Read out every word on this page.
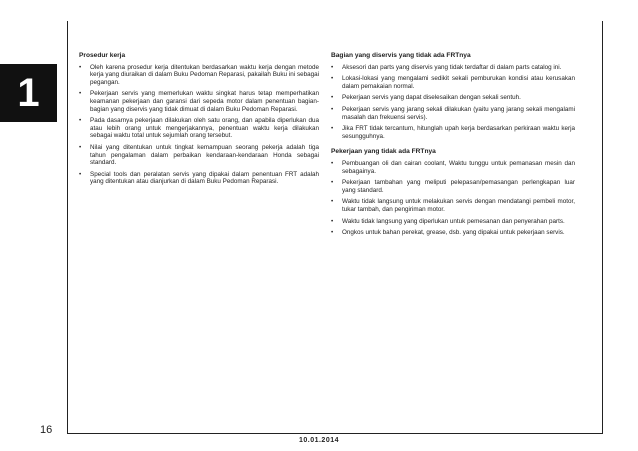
1
Prosedur kerja
• Oleh karena prosedur kerja ditentukan berdasarkan waktu kerja dengan metode kerja yang diuraikan di dalam Buku Pedoman Reparasi, pakailah Buku ini sebagai pegangan.
• Pekerjaan servis yang memerlukan waktu singkat harus tetap memperhatikan keamanan pekerjaan dan garansi dari sepeda motor dalam penentuan bagian-bagian yang diservis yang tidak dimuat di dalam Buku Pedoman Reparasi.
• Pada dasarnya pekerjaan dilakukan oleh satu orang, dan apabila diperlukan dua atau lebih orang untuk mengerjakannya, penentuan waktu kerja dilakukan sebagai waktu total untuk sejumlah orang tersebut.
• Nilai yang ditentukan untuk tingkat kemampuan seorang pekerja adalah tiga tahun pengalaman dalam perbaikan kendaraan-kendaraan Honda sebagai standard.
• Special tools dan peralatan servis yang dipakai dalam penentuan FRT adalah yang ditentukan atau dianjurkan di dalam Buku Pedoman Reparasi.
Bagian yang diservis yang tidak ada FRTnya
• Aksesori dan parts yang diservis yang tidak terdaftar di dalam parts catalog ini.
• Lokasi-lokasi yang mengalami sedikit sekali pemburukan kondisi atau kerusakan dalam pemakaian normal.
• Pekerjaan servis yang dapat diselesaikan dengan sekali sentuh.
• Pekerjaan servis yang jarang sekali dilakukan (yaitu yang jarang sekali mengalami masalah dan frekuensi servis).
• Jika FRT tidak tercantum, hitunglah upah kerja berdasarkan perkiraan waktu kerja sesungguhnya.
Pekerjaan yang tidak ada FRTnya
• Pembuangan oli dan cairan coolant, Waktu tunggu untuk pemanasan mesin dan sebagainya.
• Pekerjaan tambahan yang meliputi pelepasan/pemasangan perlengkapan luar yang standard.
• Waktu tidak langsung untuk melakukan servis dengan mendatangi pembeli motor, tukar tambah, dan pengiriman motor.
• Waktu tidak langsung yang diperlukan untuk pemesanan dan penyerahan parts.
• Ongkos untuk bahan perekat, grease, dsb. yang dipakai untuk pekerjaan servis.
16
10.01.2014
